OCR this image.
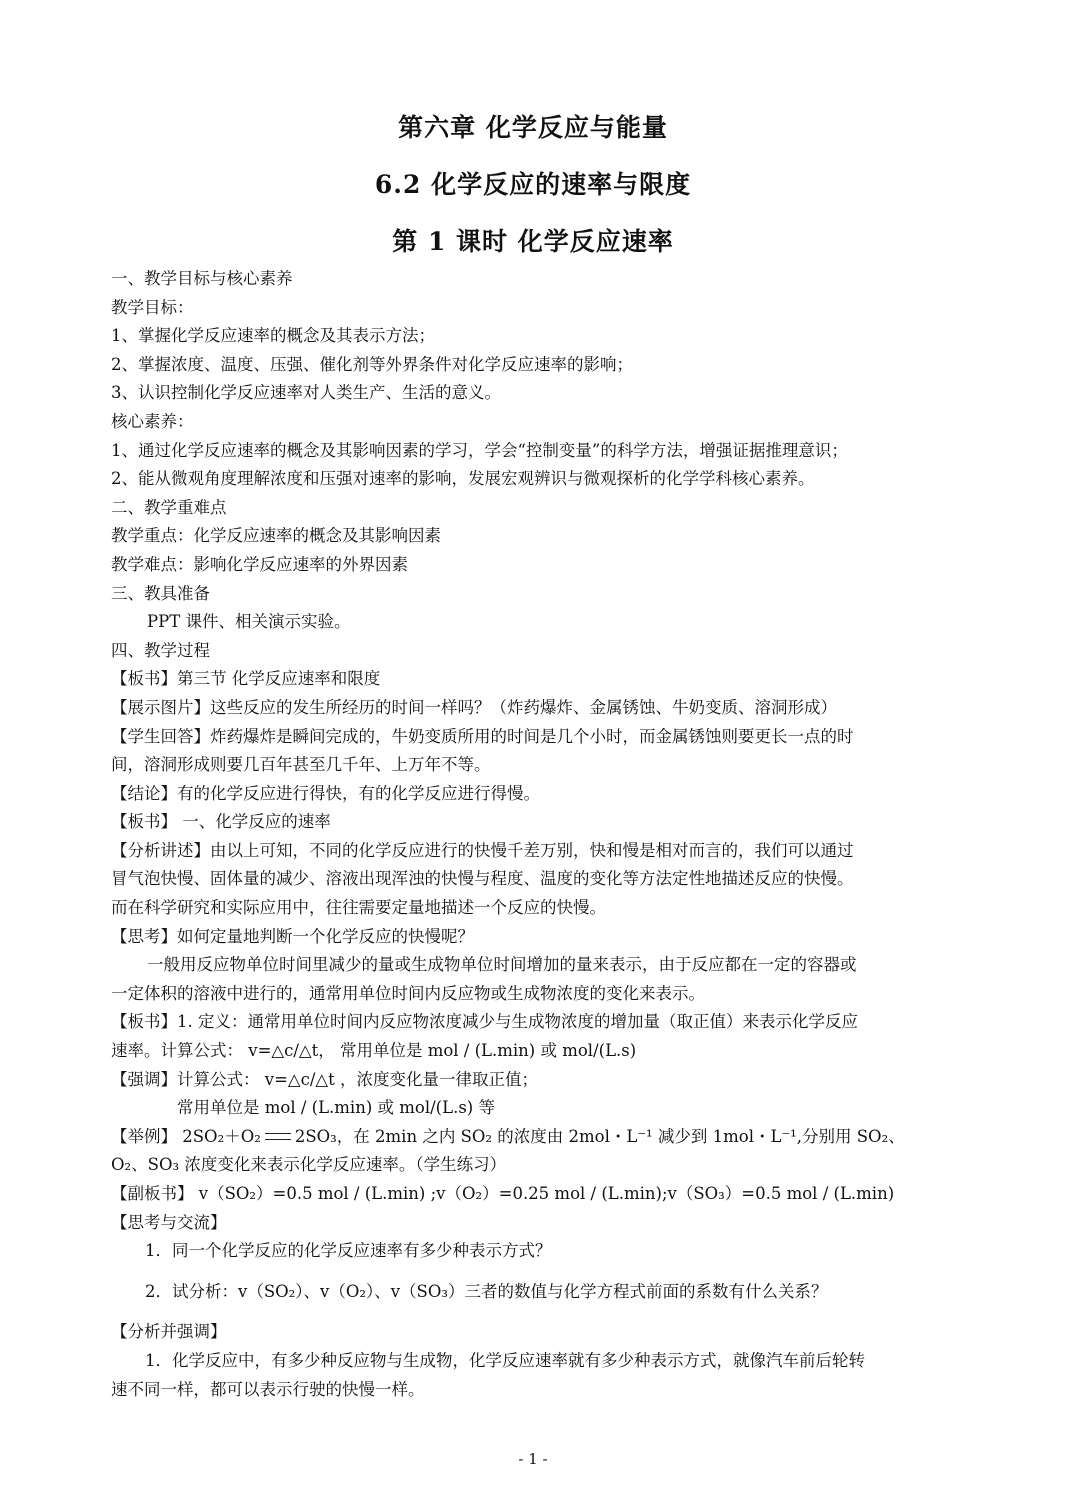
第六章 化学反应与能量
6.2 化学反应的速率与限度
第 1 课时 化学反应速率

一、教学目标与核心素养

教学目标：

1、掌握化学反应速率的概念及其表示方法；

2、掌握浓度、温度、压强、催化剂等外界条件对化学反应速率的影响；

3、认识控制化学反应速率对人类生产、生活的意义。

核心素养：

1、通过化学反应速率的概念及其影响因素的学习，学会“控制变量”的科学方法，增强证据推理意识；

2、能从微观角度理解浓度和压强对速率的影响，发展宏观辨识与微观探析的化学学科核心素养。

二、教学重难点

教学重点：化学反应速率的概念及其影响因素

教学难点：影响化学反应速率的外界因素

三、教具准备

PPT 课件、相关演示实验。

四、教学过程

【板书】第三节 化学反应速率和限度

【展示图片】这些反应的发生所经历的时间一样吗？（炸药爆炸、金属锈蚀、牛奶变质、溶洞形成）

【学生回答】炸药爆炸是瞬间完成的，牛奶变质所用的时间是几个小时，而金属锈蚀则要更长一点的时

间，溶洞形成则要几百年甚至几千年、上万年不等。

【结论】有的化学反应进行得快，有的化学反应进行得慢。

【板书】 一、化学反应的速率

【分析讲述】由以上可知，不同的化学反应进行的快慢千差万别，快和慢是相对而言的，我们可以通过

冒气泡快慢、固体量的减少、溶液出现浑浊的快慢与程度、温度的变化等方法定性地描述反应的快慢。

而在科学研究和实际应用中，往往需要定量地描述一个反应的快慢。

【思考】如何定量地判断一个化学反应的快慢呢？

一般用反应物单位时间里减少的量或生成物单位时间增加的量来表示，由于反应都在一定的容器或

一定体积的溶液中进行的，通常用单位时间内反应物或生成物浓度的变化来表示。

【板书】1. 定义：通常用单位时间内反应物浓度减少与生成物浓度的增加量（取正值）来表示化学反应

速率。计算公式： v=△c/△t， 常用单位是 mol / (L.min) 或 mol/(L.s)

【强调】计算公式： v=△c/△t ，浓度变化量一律取正值；

常用单位是 mol / (L.min) 或 mol/(L.s) 等

【举例】 2SO₂＋O₂ 2SO₃，在 2min 之内 SO₂ 的浓度由 2mol・L⁻¹ 减少到 1mol・L⁻¹,分别用 SO₂、

O₂、SO₃ 浓度变化来表示化学反应速率。（学生练习）

【副板书】 v（SO₂）=0.5 mol / (L.min) ;v（O₂）=0.25 mol / (L.min);v（SO₃）=0.5 mol / (L.min)

【思考与交流】

1．同一个化学反应的化学反应速率有多少种表示方式？

2．试分析：v（SO₂）、v（O₂）、v（SO₃）三者的数值与化学方程式前面的系数有什么关系？

【分析并强调】

1．化学反应中，有多少种反应物与生成物，化学反应速率就有多少种表示方式，就像汽车前后轮转

速不同一样，都可以表示行驶的快慢一样。

- 1 -
